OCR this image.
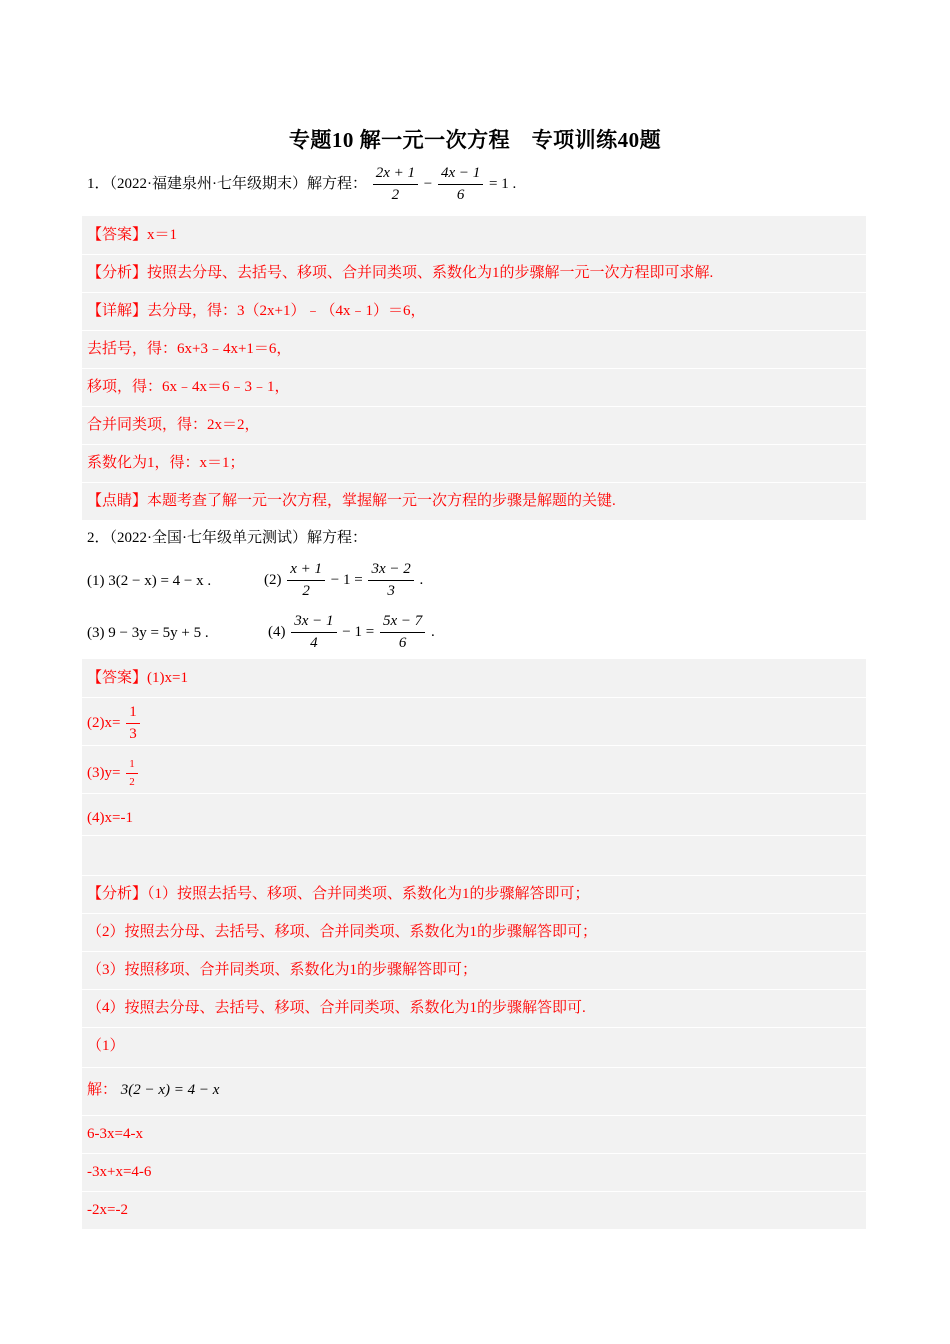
专题10 解一元一次方程　专项训练40题
1．（2022·福建泉州·七年级期末）解方程： $\frac{2x + 1}{2} - \frac{4x - 1}{6} = 1$ .
【答案】x＝1
【分析】按照去分母、去括号、移项、合并同类项、系数化为1的步骤解一元一次方程即可求解.
【详解】去分母，得：3（2x+1）﹣（4x﹣1）＝6，
去括号，得：6x+3﹣4x+1＝6，
移项，得：6x﹣4x＝6﹣3﹣1，
合并同类项，得：2x＝2，
系数化为1，得：x＝1；
【点睛】本题考查了解一元一次方程，掌握解一元一次方程的步骤是解题的关键.
2．（2022·全国·七年级单元测试）解方程：
(1) 3(2 − x) = 4 − x .	$(2) \frac{x + 1}{2} - 1 = \frac{3x - 2}{3}$ .
(3) 9 − 3y = 5y + 5 .	$(4) \frac{3x - 1}{4} - 1 = \frac{5x - 7}{6}$ .
【答案】(1)x=1
$(2)x= \frac{1}{3}$
$(3)y= \frac{1}{2}$
(4)x=-1
【分析】（1）按照去括号、移项、合并同类项、系数化为1的步骤解答即可；
（2）按照去分母、去括号、移项、合并同类项、系数化为1的步骤解答即可；
（3）按照移项、合并同类项、系数化为1的步骤解答即可；
（4）按照去分母、去括号、移项、合并同类项、系数化为1的步骤解答即可.
（1）
解： 3(2 − x) = 4 − x
6-3x=4-x
-3x+x=4-6
-2x=-2
